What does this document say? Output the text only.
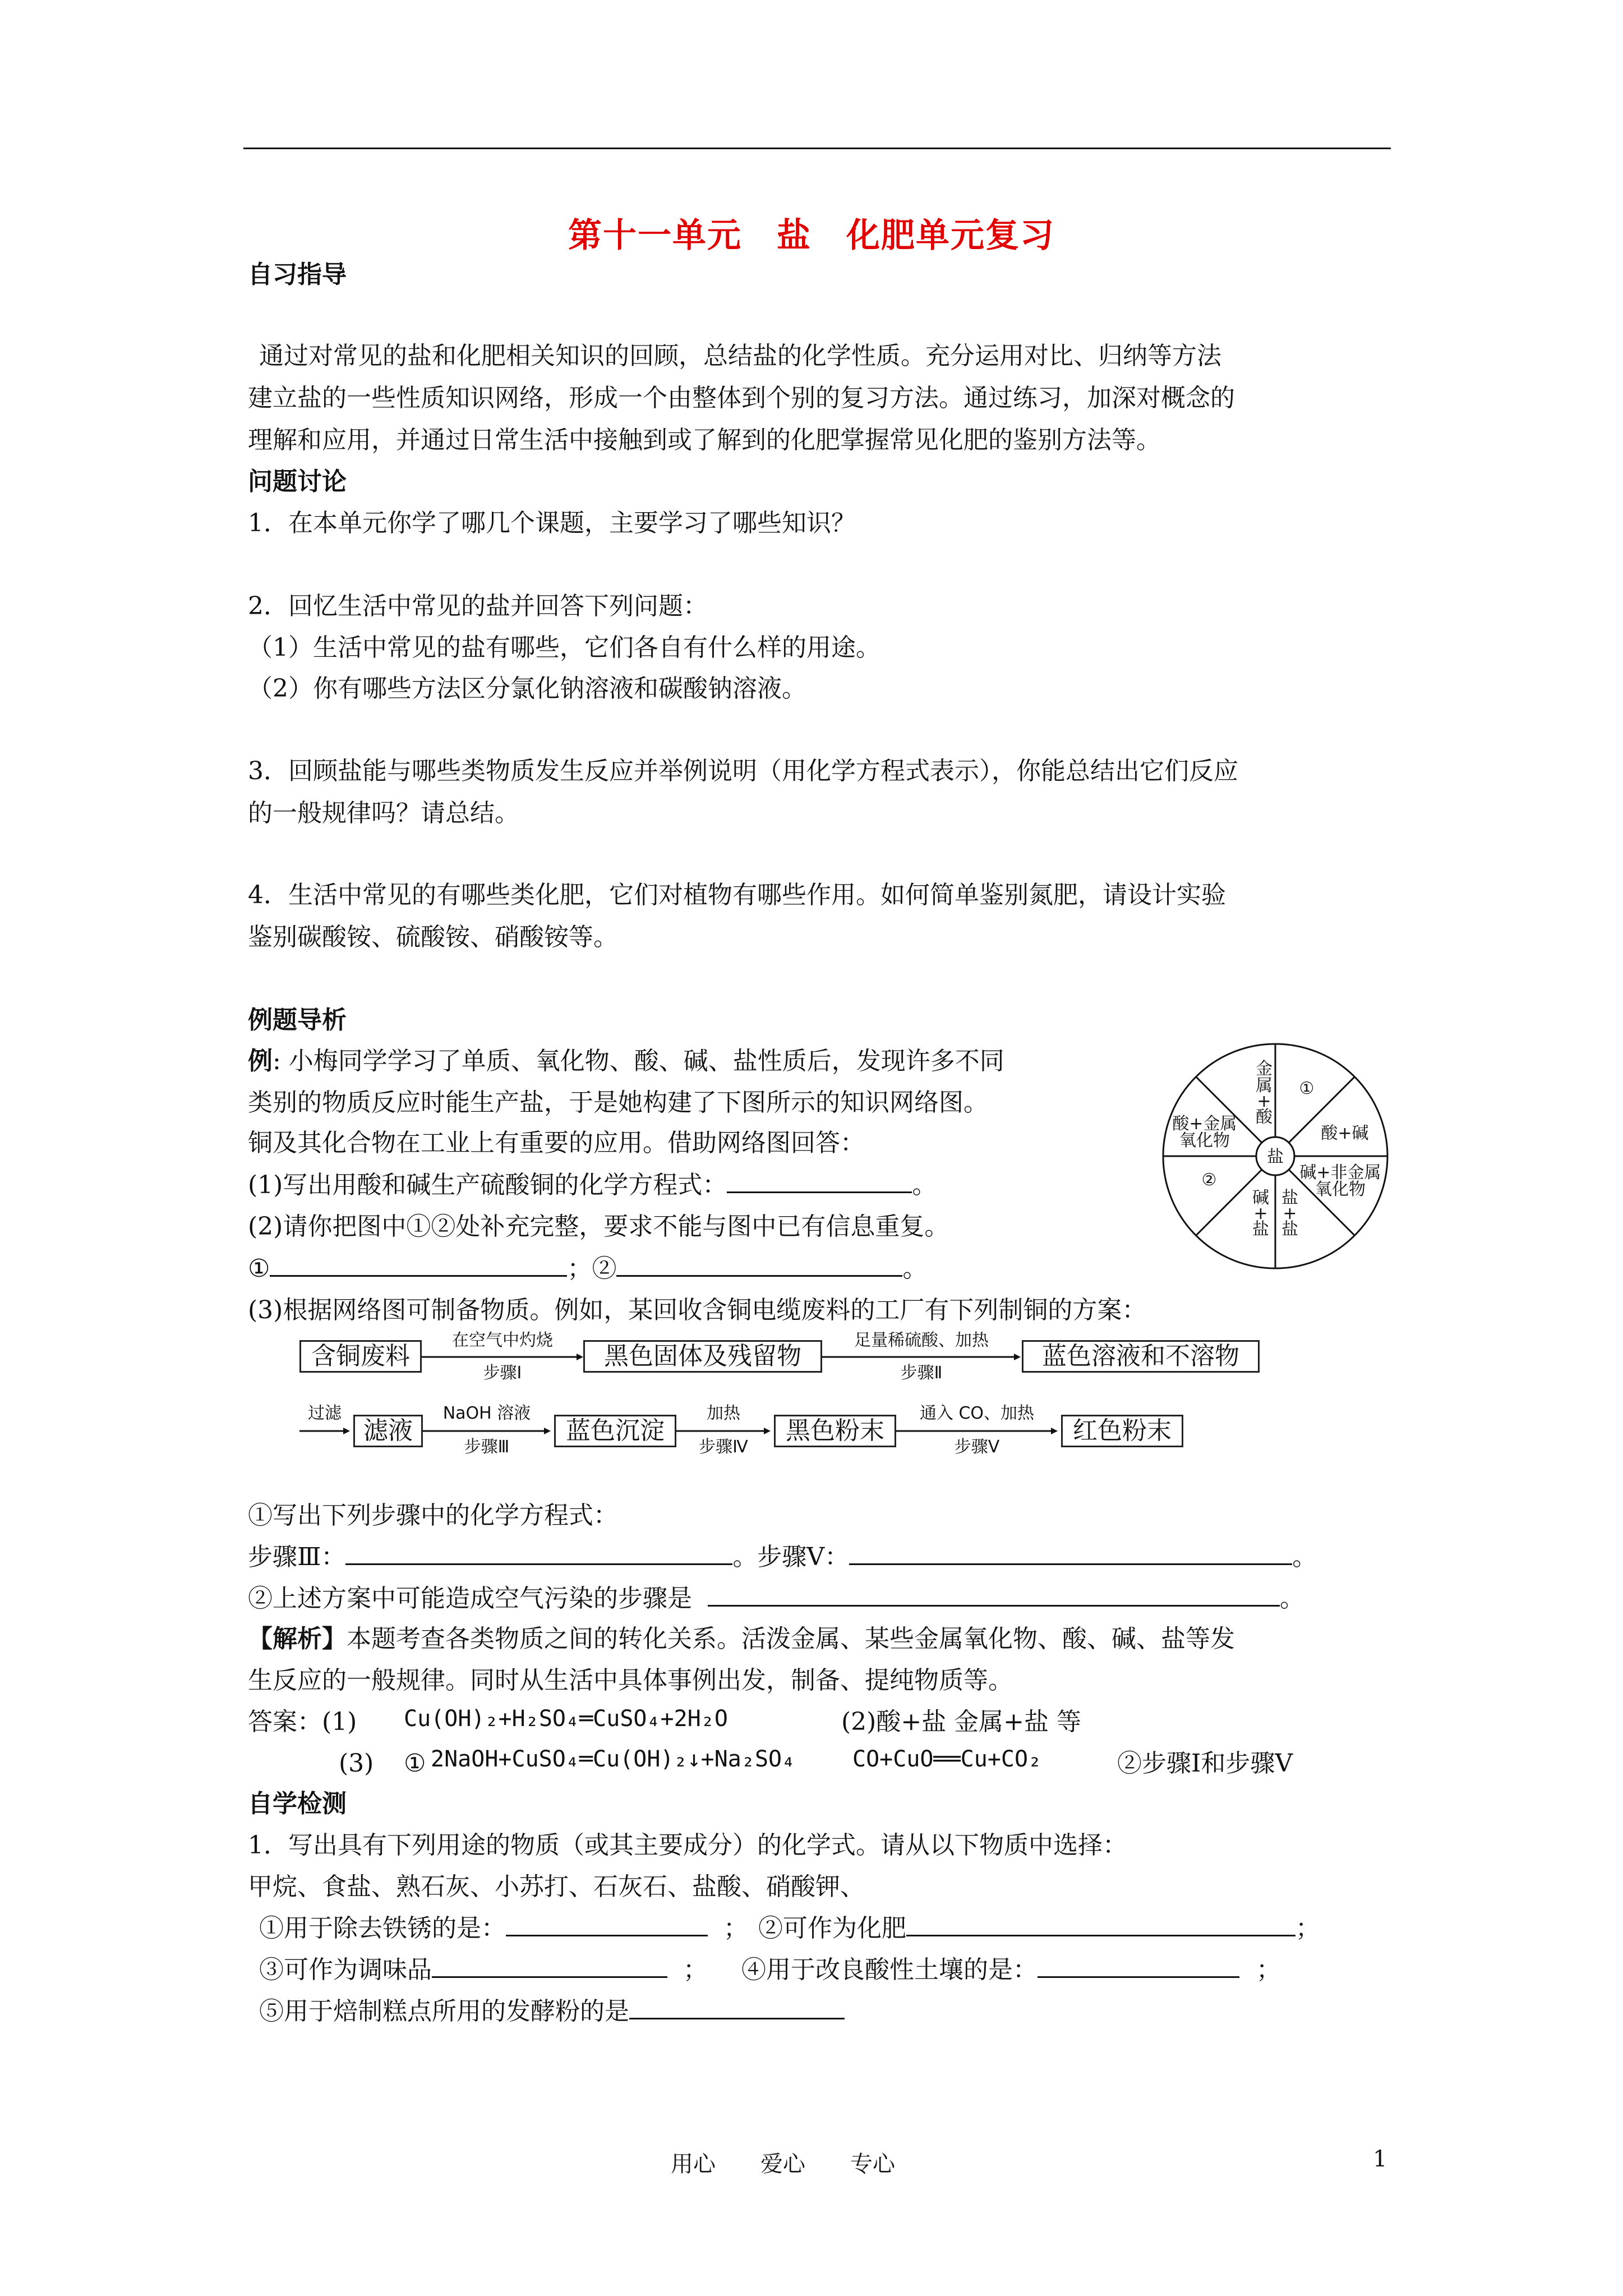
第十一单元　盐　化肥单元复习
自习指导
通过对常见的盐和化肥相关知识的回顾，总结盐的化学性质。充分运用对比、归纳等方法
建立盐的一些性质知识网络，形成一个由整体到个别的复习方法。通过练习，加深对概念的
理解和应用，并通过日常生活中接触到或了解到的化肥掌握常见化肥的鉴别方法等。
问题讨论
1．在本单元你学了哪几个课题，主要学习了哪些知识？
2．回忆生活中常见的盐并回答下列问题：
（1）生活中常见的盐有哪些，它们各自有什么样的用途。
（2）你有哪些方法区分氯化钠溶液和碳酸钠溶液。
3．回顾盐能与哪些类物质发生反应并举例说明（用化学方程式表示），你能总结出它们反应
的一般规律吗？请总结。
4．生活中常见的有哪些类化肥，它们对植物有哪些作用。如何简单鉴别氮肥，请设计实验
鉴别碳酸铵、硫酸铵、硝酸铵等。
例题导析
例: 小梅同学学习了单质、氧化物、酸、碱、盐性质后，发现许多不同
类别的物质反应时能生产盐，于是她构建了下图所示的知识网络图。
铜及其化合物在工业上有重要的应用。借助网络图回答：
(1)写出用酸和碱生产硫酸铜的化学方程式：	。
(2)请你把图中①②处补充完整，要求不能与图中已有信息重复。
①	；②	。
(3)根据网络图可制备物质。例如，某回收含铜电缆废料的工厂有下列制铜的方案：
盐
金属+酸
①
酸+碱
碱+非金属氧化物
盐+盐
碱+盐
②
酸+金属氧化物
含铜废料
在空气中灼烧
步骤Ⅰ
黑色固体及残留物
足量稀硫酸、加热
步骤Ⅱ
蓝色溶液和不溶物
过滤
滤液
NaOH 溶液
步骤Ⅲ
蓝色沉淀
加热
步骤Ⅳ
黑色粉末
通入 CO、加热
步骤Ⅴ
红色粉末
①写出下列步骤中的化学方程式：
步骤Ⅲ：	。步骤Ⅴ：	。
②上述方案中可能造成空气污染的步骤是	。
【解析】本题考查各类物质之间的转化关系。活泼金属、某些金属氧化物、酸、碱、盐等发
生反应的一般规律。同时从生活中具体事例出发，制备、提纯物质等。
答案：(1) Cu(OH)₂+H₂SO₄═CuSO₄+2H₂O	(2)酸+盐 金属+盐 等
(3) ① 2NaOH+CuSO₄═Cu(OH)₂↓+Na₂SO₄	CO+CuO══Cu+CO₂	②步骤Ⅰ和步骤Ⅴ
自学检测
1．写出具有下列用途的物质（或其主要成分）的化学式。请从以下物质中选择：
甲烷、食盐、熟石灰、小苏打、石灰石、盐酸、硝酸钾、
①用于除去铁锈的是：	； ②可作为化肥	；
③可作为调味品	； ④用于改良酸性土壤的是：	；
⑤用于焙制糕点所用的发酵粉的是
用心　　爱心　　专心	1
